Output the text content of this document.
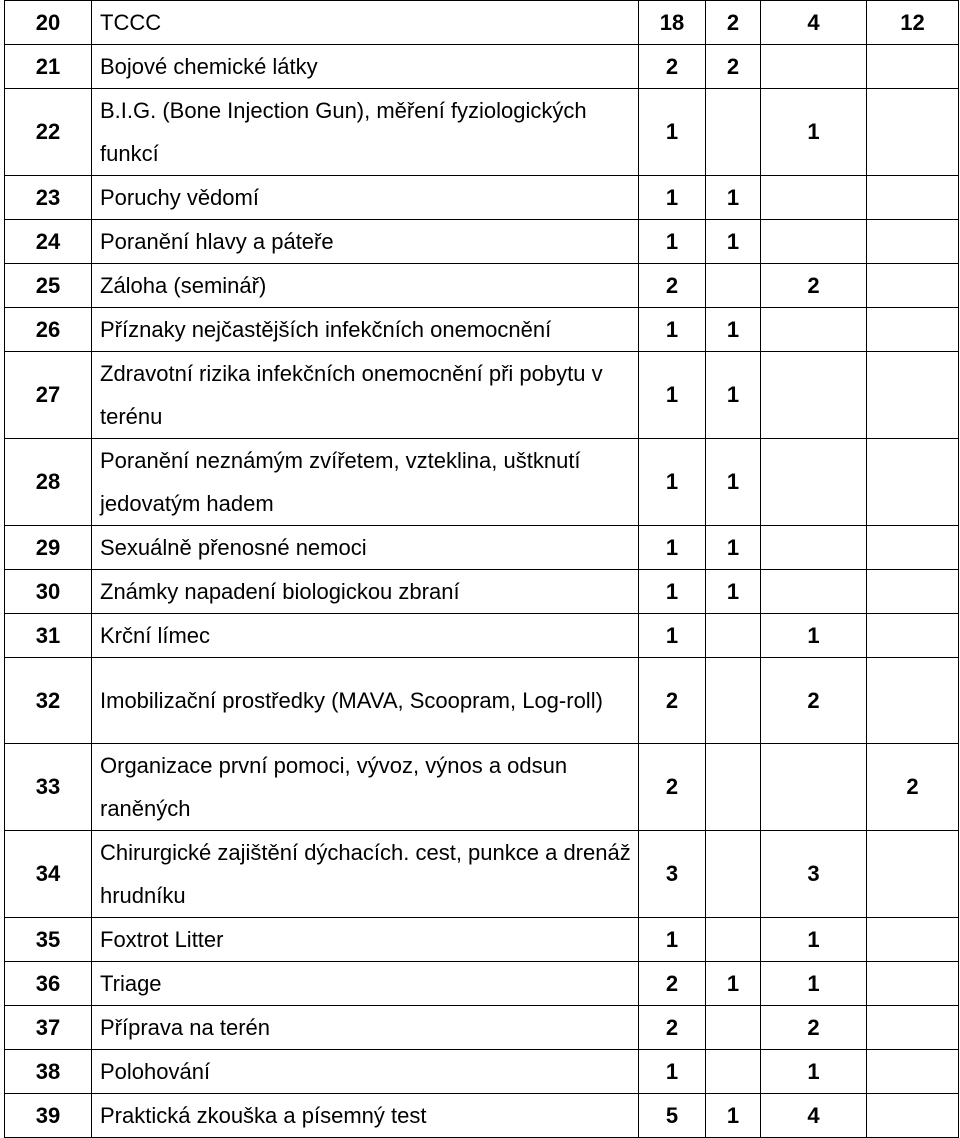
20	TCCC	18	2	4	12
21	Bojové chemické látky	2	2		
22	B.I.G. (Bone Injection Gun), měření fyziologických funkcí	1		1	
23	Poruchy vědomí	1	1		
24	Poranění hlavy a páteře	1	1		
25	Záloha (seminář)	2		2	
26	Příznaky nejčastějších infekčních onemocnění	1	1		
27	Zdravotní rizika infekčních onemocnění při pobytu v terénu	1	1		
28	Poranění neznámým zvířetem, vzteklina, uštknutí jedovatým hadem	1	1		
29	Sexuálně přenosné nemoci	1	1		
30	Známky napadení biologickou zbraní	1	1		
31	Krční límec	1		1	
32	Imobilizační prostředky (MAVA, Scoopram, Log-roll)	2		2	
33	Organizace první pomoci, vývoz, výnos a odsun raněných	2			2
34	Chirurgické zajištění dýchacích. cest, punkce a drenáž hrudníku	3		3	
35	Foxtrot Litter	1		1	
36	Triage	2	1	1	
37	Příprava na terén	2		2	
38	Polohování	1		1	
39	Praktická zkouška a písemný test	5	1	4	
